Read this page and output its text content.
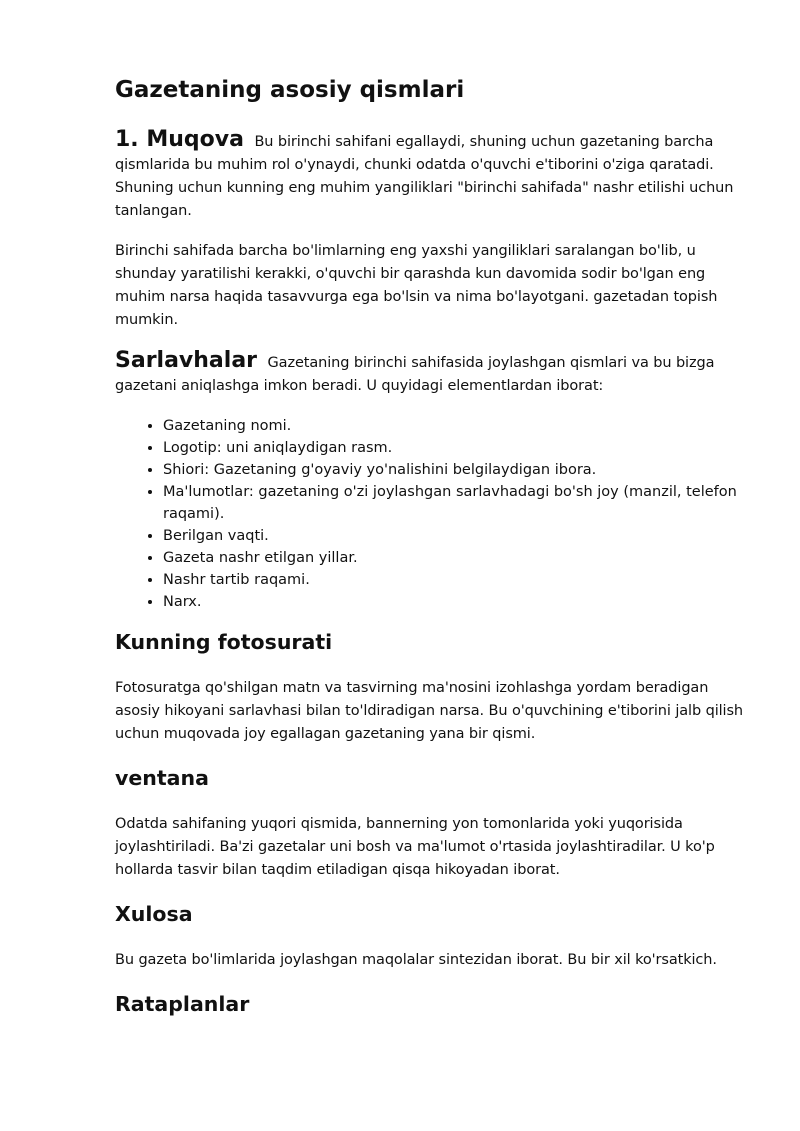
Gazetaning asosiy qismlari

1. Muqova Bu birinchi sahifani egallaydi, shuning uchun gazetaning barcha qismlarida bu muhim rol o'ynaydi, chunki odatda o'quvchi e'tiborini o'ziga qaratadi. Shuning uchun kunning eng muhim yangiliklari "birinchi sahifada" nashr etilishi uchun tanlangan.

Birinchi sahifada barcha bo'limlarning eng yaxshi yangiliklari saralangan bo'lib, u shunday yaratilishi kerakki, o'quvchi bir qarashda kun davomida sodir bo'lgan eng muhim narsa haqida tasavvurga ega bo'lsin va nima bo'layotgani. gazetadan topish mumkin.

Sarlavhalar Gazetaning birinchi sahifasida joylashgan qismlari va bu bizga gazetani aniqlashga imkon beradi. U quyidagi elementlardan iborat:

• Gazetaning nomi.
• Logotip: uni aniqlaydigan rasm.
• Shiori: Gazetaning g'oyaviy yo'nalishini belgilaydigan ibora.
• Ma'lumotlar: gazetaning o'zi joylashgan sarlavhadagi bo'sh joy (manzil, telefon raqami).
• Berilgan vaqti.
• Gazeta nashr etilgan yillar.
• Nashr tartib raqami.
• Narx.
Kunning fotosurati

Fotosuratga qo'shilgan matn va tasvirning ma'nosini izohlashga yordam beradigan asosiy hikoyani sarlavhasi bilan to'ldiradigan narsa. Bu o'quvchining e'tiborini jalb qilish uchun muqovada joy egallagan gazetaning yana bir qismi.

ventana

Odatda sahifaning yuqori qismida, bannerning yon tomonlarida yoki yuqorisida joylashtiriladi. Ba'zi gazetalar uni bosh va ma'lumot o'rtasida joylashtiradilar. U ko'p hollarda tasvir bilan taqdim etiladigan qisqa hikoyadan iborat.

Xulosa

Bu gazeta bo'limlarida joylashgan maqolalar sintezidan iborat. Bu bir xil ko'rsatkich.

Rataplanlar
